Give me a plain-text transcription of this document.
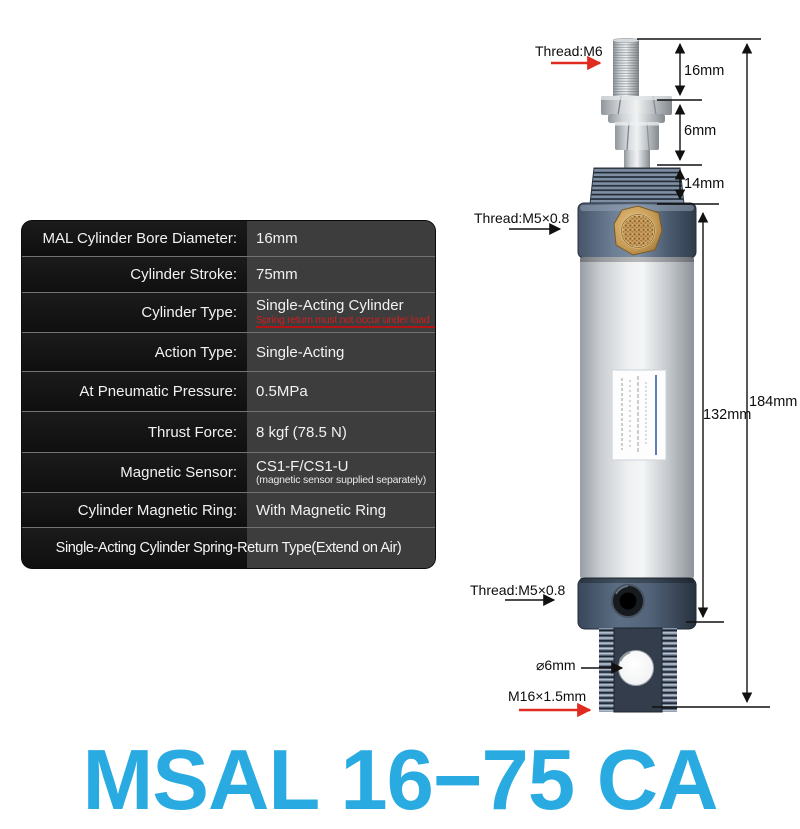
Thread:M6
16mm
6mm
14mm
Thread:M5×0.8
132mm
184mm
Thread:M5×0.8
⌀6mm
M16×1.5mm
MAL Cylinder Bore Diameter:	16mm
Cylinder Stroke:	75mm
Cylinder Type:	Single-Acting Cylinder
Spring return must not occur under load
Action Type:	Single-Acting
At Pneumatic Pressure:	0.5MPa
Thrust Force:	8 kgf (78.5 N)
Magnetic Sensor:	CS1-F/CS1-U
(magnetic sensor supplied separately)
Cylinder Magnetic Ring:	With Magnetic Ring
Single-Acting Cylinder Spring-Return Type(Extend on Air)
MSAL 16−75 CA
